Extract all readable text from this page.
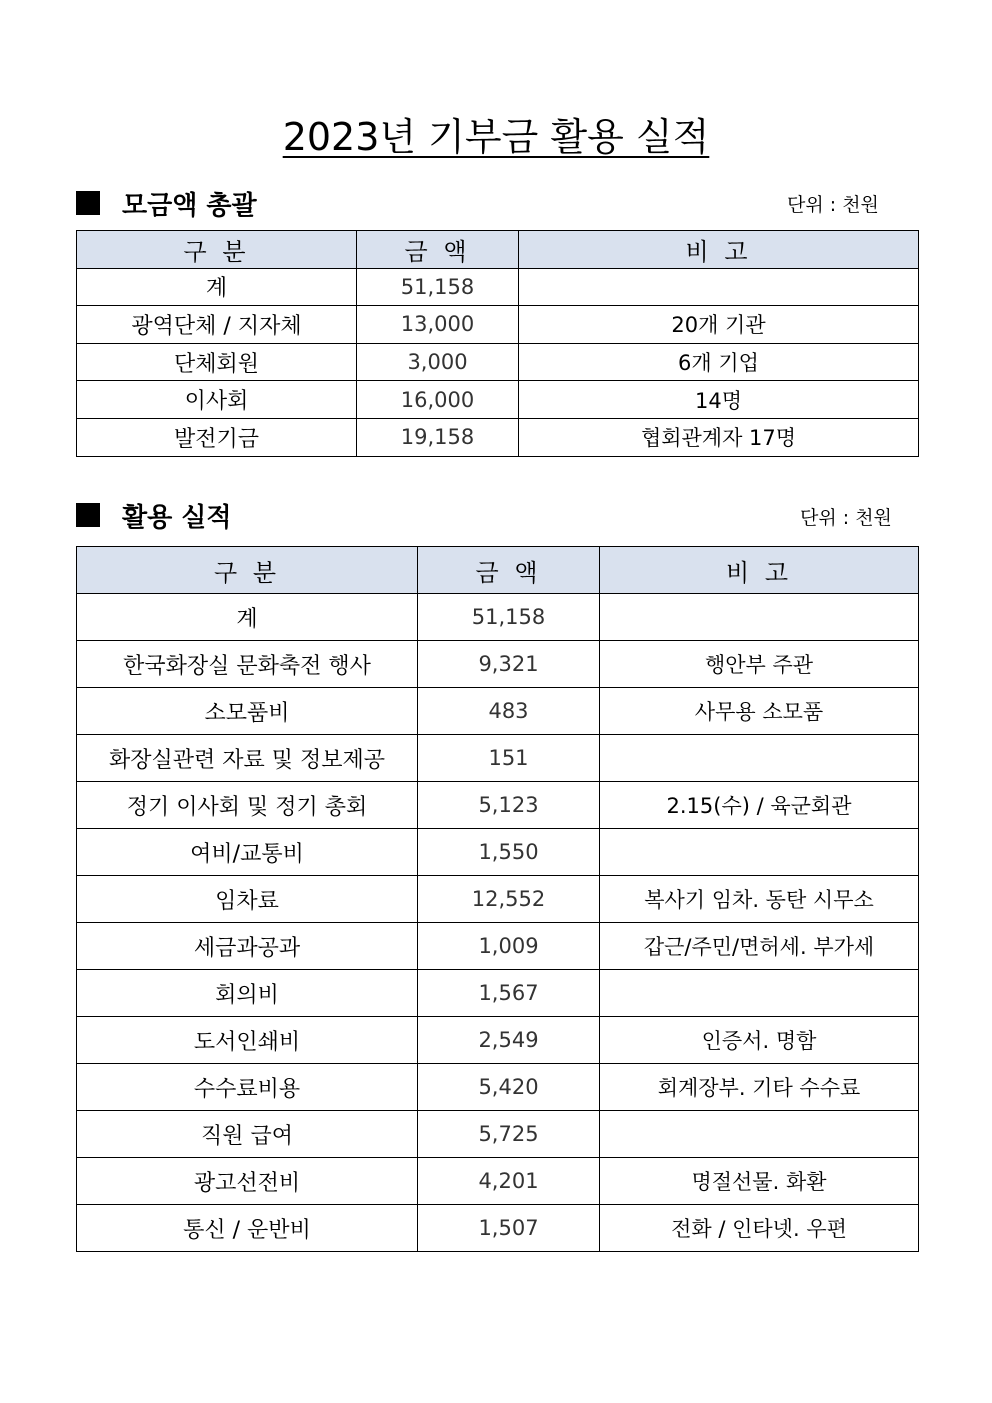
2023년 기부금 활용 실적
모금액 총괄	단위 : 천원
구 분	금 액	비 고
계	51,158	
광역단체 / 지자체	13,000	20개 기관
단체회원	3,000	6개 기업
이사회	16,000	14명
발전기금	19,158	협회관계자 17명
활용 실적	단위 : 천원
구 분	금 액	비 고
계	51,158	
한국화장실 문화축전 행사	9,321	행안부 주관
소모품비	483	사무용 소모품
화장실관련 자료 및 정보제공	151	
정기 이사회 및 정기 총회	5,123	2.15(수) / 육군회관
여비/교통비	1,550	
임차료	12,552	복사기 임차. 동탄 시무소
세금과공과	1,009	갑근/주민/면허세. 부가세
회의비	1,567	
도서인쇄비	2,549	인증서. 명함
수수료비용	5,420	회계장부. 기타 수수료
직원 급여	5,725	
광고선전비	4,201	명절선물. 화환
통신 / 운반비	1,507	전화 / 인타넷. 우편
